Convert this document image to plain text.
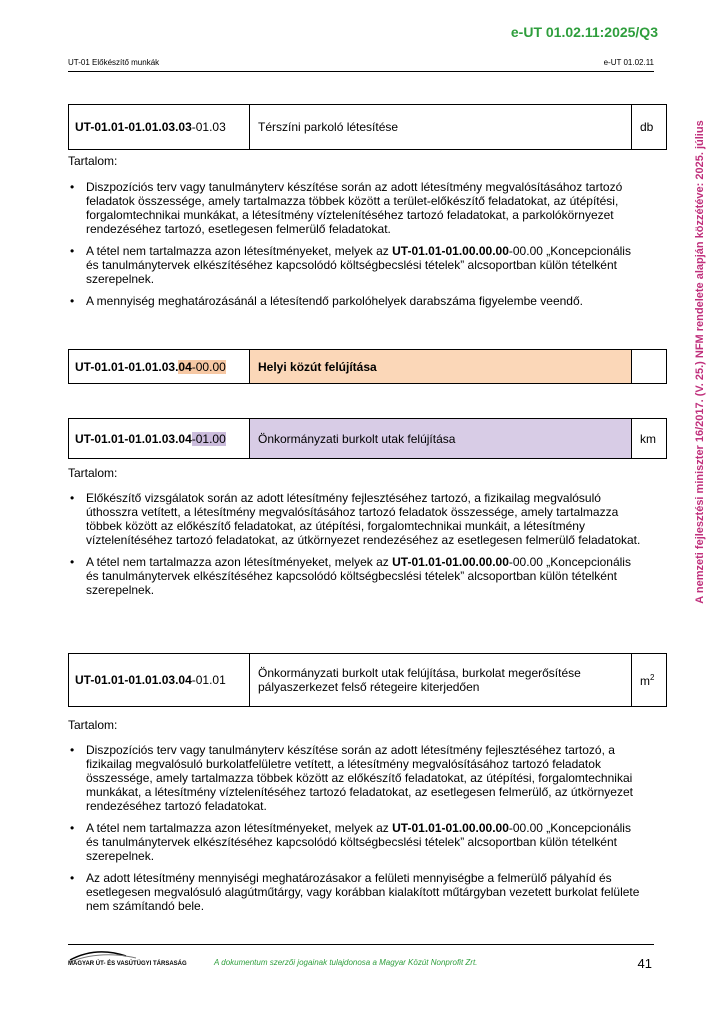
e-UT 01.02.11:2025/Q3
UT-01 Előkészítő munkák	e-UT 01.02.11
A nemzeti fejlesztési miniszter 16/2017. (V. 25.) NFM rendelete alapján közzétéve: 2025. július
UT-01.01-01.01.03.03-01.03	Térszíni parkoló létesítése	db
Tartalom:
• Diszpozíciós terv vagy tanulmányterv készítése során az adott létesítmény megvalósításához tartozó feladatok összessége, amely tartalmazza többek között a terület-előkészítő feladatokat, az útépítési, forgalomtechnikai munkákat, a létesítmény víztelenítéséhez tartozó feladatokat, a parkolókörnyezet rendezéséhez tartozó, esetlegesen felmerülő feladatokat.
• A tétel nem tartalmazza azon létesítményeket, melyek az UT-01.01-01.00.00.00-00.00 „Koncepcionális és tanulmánytervek elkészítéséhez kapcsolódó költségbecslési tételek” alcsoportban külön tételként szerepelnek.
• A mennyiség meghatározásánál a létesítendő parkolóhelyek darabszáma figyelembe veendő.
UT-01.01-01.01.03.04-00.00	Helyi közút felújítása	
UT-01.01-01.01.03.04-01.00	Önkormányzati burkolt utak felújítása	km
Tartalom:
• Előkészítő vizsgálatok során az adott létesítmény fejlesztéséhez tartozó, a fizikailag megvalósuló úthosszra vetített, a létesítmény megvalósításához tartozó feladatok összessége, amely tartalmazza többek között az előkészítő feladatokat, az útépítési, forgalomtechnikai munkáit, a létesítmény víztelenítéséhez tartozó feladatokat, az útkörnyezet rendezéséhez az esetlegesen felmerülő feladatokat.
• A tétel nem tartalmazza azon létesítményeket, melyek az UT-01.01-01.00.00.00-00.00 „Koncepcionális és tanulmánytervek elkészítéséhez kapcsolódó költségbecslési tételek” alcsoportban külön tételként szerepelnek.
UT-01.01-01.01.03.04-01.01	Önkormányzati burkolt utak felújítása, burkolat megerősítése pályaszerkezet felső rétegeire kiterjedően	$m^2$
Tartalom:
• Diszpozíciós terv vagy tanulmányterv készítése során az adott létesítmény fejlesztéséhez tartozó, a fizikailag megvalósuló burkolatfelületre vetített, a létesítmény megvalósításához tartozó feladatok összessége, amely tartalmazza többek között az előkészítő feladatokat, az útépítési, forgalomtechnikai munkákat, a létesítmény víztelenítéséhez tartozó feladatokat, az esetlegesen felmerülő, az útkörnyezet rendezéséhez tartozó feladatokat.
• A tétel nem tartalmazza azon létesítményeket, melyek az UT-01.01-01.00.00.00-00.00 „Koncepcionális és tanulmánytervek elkészítéséhez kapcsolódó költségbecslési tételek” alcsoportban külön tételként szerepelnek.
• Az adott létesítmény mennyiségi meghatározásakor a felületi mennyiségbe a felmerülő pályahíd és esetlegesen megvalósuló alagútműtárgy, vagy korábban kialakított műtárgyban vezetett burkolat felülete nem számítandó bele.
MAGYAR ÚT- ÉS VASÚTÜGYI TÁRSASÁG	A dokumentum szerzői jogainak tulajdonosa a Magyar Közút Nonprofit Zrt.	41
